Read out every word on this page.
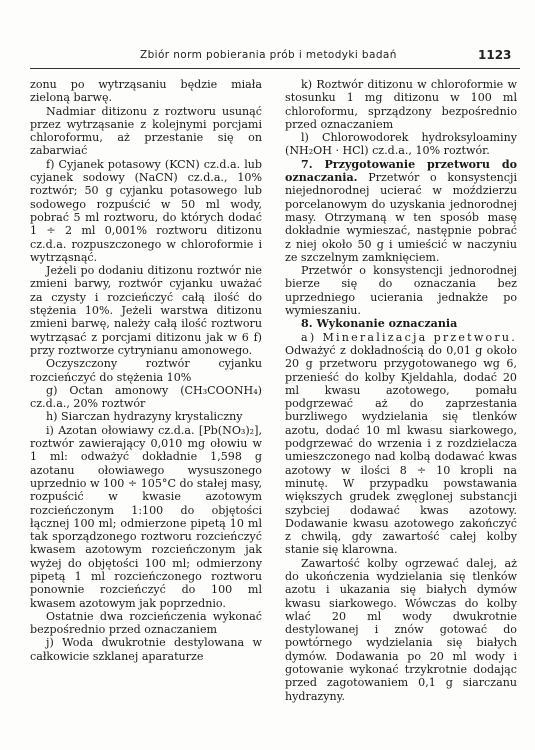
Zbiór norm pobierania prób i metodyki badań	1123

zonu po wytrząsaniu będzie miała zieloną barwę.

Nadmiar ditizonu z roztworu usunąć przez wytrząsanie z kolejnymi porcjami chloroformu, aż przestanie się on zabarwiać

f) Cyjanek potasowy (KCN) cz.d.a. lub cyjanek sodowy (NaCN) cz.d.a., 10% roztwór; 50 g cyjanku potasowego lub sodowego rozpuścić w 50 ml wody, pobrać 5 ml roztworu, do których dodać 1 ÷ 2 ml 0,001% roztworu ditizonu cz.d.a. rozpuszczonego w chloroformie i wytrząsnąć.

Jeżeli po dodaniu ditizonu roztwór nie zmieni barwy, roztwór cyjanku uważać za czysty i rozcieńczyć całą ilość do stężenia 10%. Jeżeli warstwa ditizonu zmieni barwę, należy całą ilość roztworu wytrząsać z porcjami ditizonu jak w 6 f) przy roztworze cytrynianu amonowego.

Oczyszczony roztwór cyjanku rozcieńczyć do stężenia 10%

g) Octan amonowy (CH₃COONH₄) cz.d.a., 20% roztwór

h) Siarczan hydrazyny krystaliczny

i) Azotan ołowiawy cz.d.a. [Pb(NO₃)₂], roztwór zawierający 0,010 mg ołowiu w 1 ml: odważyć dokładnie 1,598 g azotanu ołowiawego wysuszonego uprzednio w 100 ÷ 105°C do stałej masy, rozpuścić w kwasie azotowym rozcieńczonym 1:100 do objętości łącznej 100 ml; odmierzone pipetą 10 ml tak sporządzonego roztworu rozcieńczyć kwasem azotowym rozcieńczonym jak wyżej do objętości 100 ml; odmierzony pipetą 1 ml rozcieńczonego roztworu ponownie rozcieńczyć do 100 ml kwasem azotowym jak poprzednio.

Ostatnie dwa rozcieńczenia wykonać bezpośrednio przed oznaczaniem

j) Woda dwukrotnie destylowana w całkowicie szklanej aparaturze

k) Roztwór ditizonu w chloroformie w stosunku 1 mg ditizonu w 100 ml chloroformu, sprządzony bezpośrednio przed oznaczaniem

l) Chlorowodorek hydroksyloaminy (NH₂OH · HCl) cz.d.a., 10% roztwór.

7. Przygotowanie przetworu do oznaczania. Przetwór o konsystencji niejednorodnej ucierać w moździerzu porcelanowym do uzyskania jednorodnej masy. Otrzymaną w ten sposób masę dokładnie wymieszać, następnie pobrać z niej około 50 g i umieścić w naczyniu ze szczelnym zamknięciem.

Przetwór o konsystencji jednorodnej bierze się do oznaczania bez uprzedniego ucierania jednakże po wymieszaniu.

8. Wykonanie oznaczania

a) Mineralizacja przetworu. Odważyć z dokładnością do 0,01 g około 20 g przetworu przygotowanego wg 6, przenieść do kolby Kjeldahla, dodać 20 ml kwasu azotowego, pomału podgrzewać aż do zaprzestania burzliwego wydzielania się tlenków azotu, dodać 10 ml kwasu siarkowego, podgrzewać do wrzenia i z rozdzielacza umieszczonego nad kolbą dodawać kwas azotowy w ilości 8 ÷ 10 kropli na minutę. W przypadku powstawania większych grudek zwęglonej substancji szybciej dodawać kwas azotowy. Dodawanie kwasu azotowego zakończyć z chwilą, gdy zawartość całej kolby stanie się klarowna.

Zawartość kolby ogrzewać dalej, aż do ukończenia wydzielania się tlenków azotu i ukazania się białych dymów kwasu siarkowego. Wówczas do kolby wlać 20 ml wody dwukrotnie destylowanej i znów gotować do powtórnego wydzielania się białych dymów. Dodawania po 20 ml wody i gotowanie wykonać trzykrotnie dodając przed zagotowaniem 0,1 g siarczanu hydrazyny.
